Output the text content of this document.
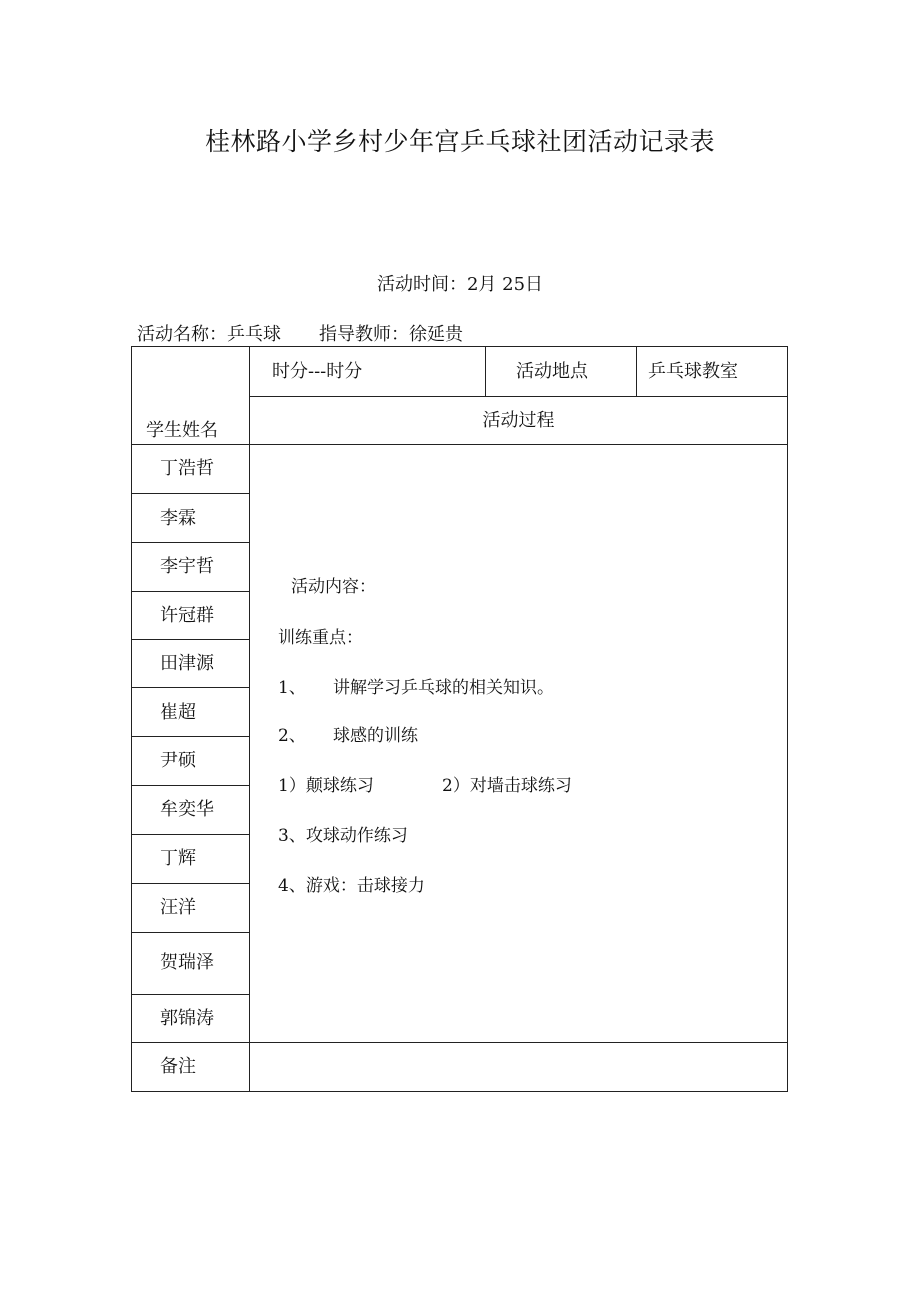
桂林路小学乡村少年宫乒乓球社团活动记录表
活动时间：2月 25日
活动名称：乒乓球 指导教师：徐延贵
学生姓名
时分---时分	活动地点	乒乓球教室
活动过程
丁浩哲
李霖
李宇哲
许冠群
田津源
崔超
尹硕
牟奕华
丁辉
汪洋
贺瑞泽
郭锦涛
备注
活动内容：
训练重点：
1、 讲解学习乒乓球的相关知识。
2、 球感的训练
1）颠球练习	2）对墙击球练习
3、攻球动作练习
4、游戏：击球接力
